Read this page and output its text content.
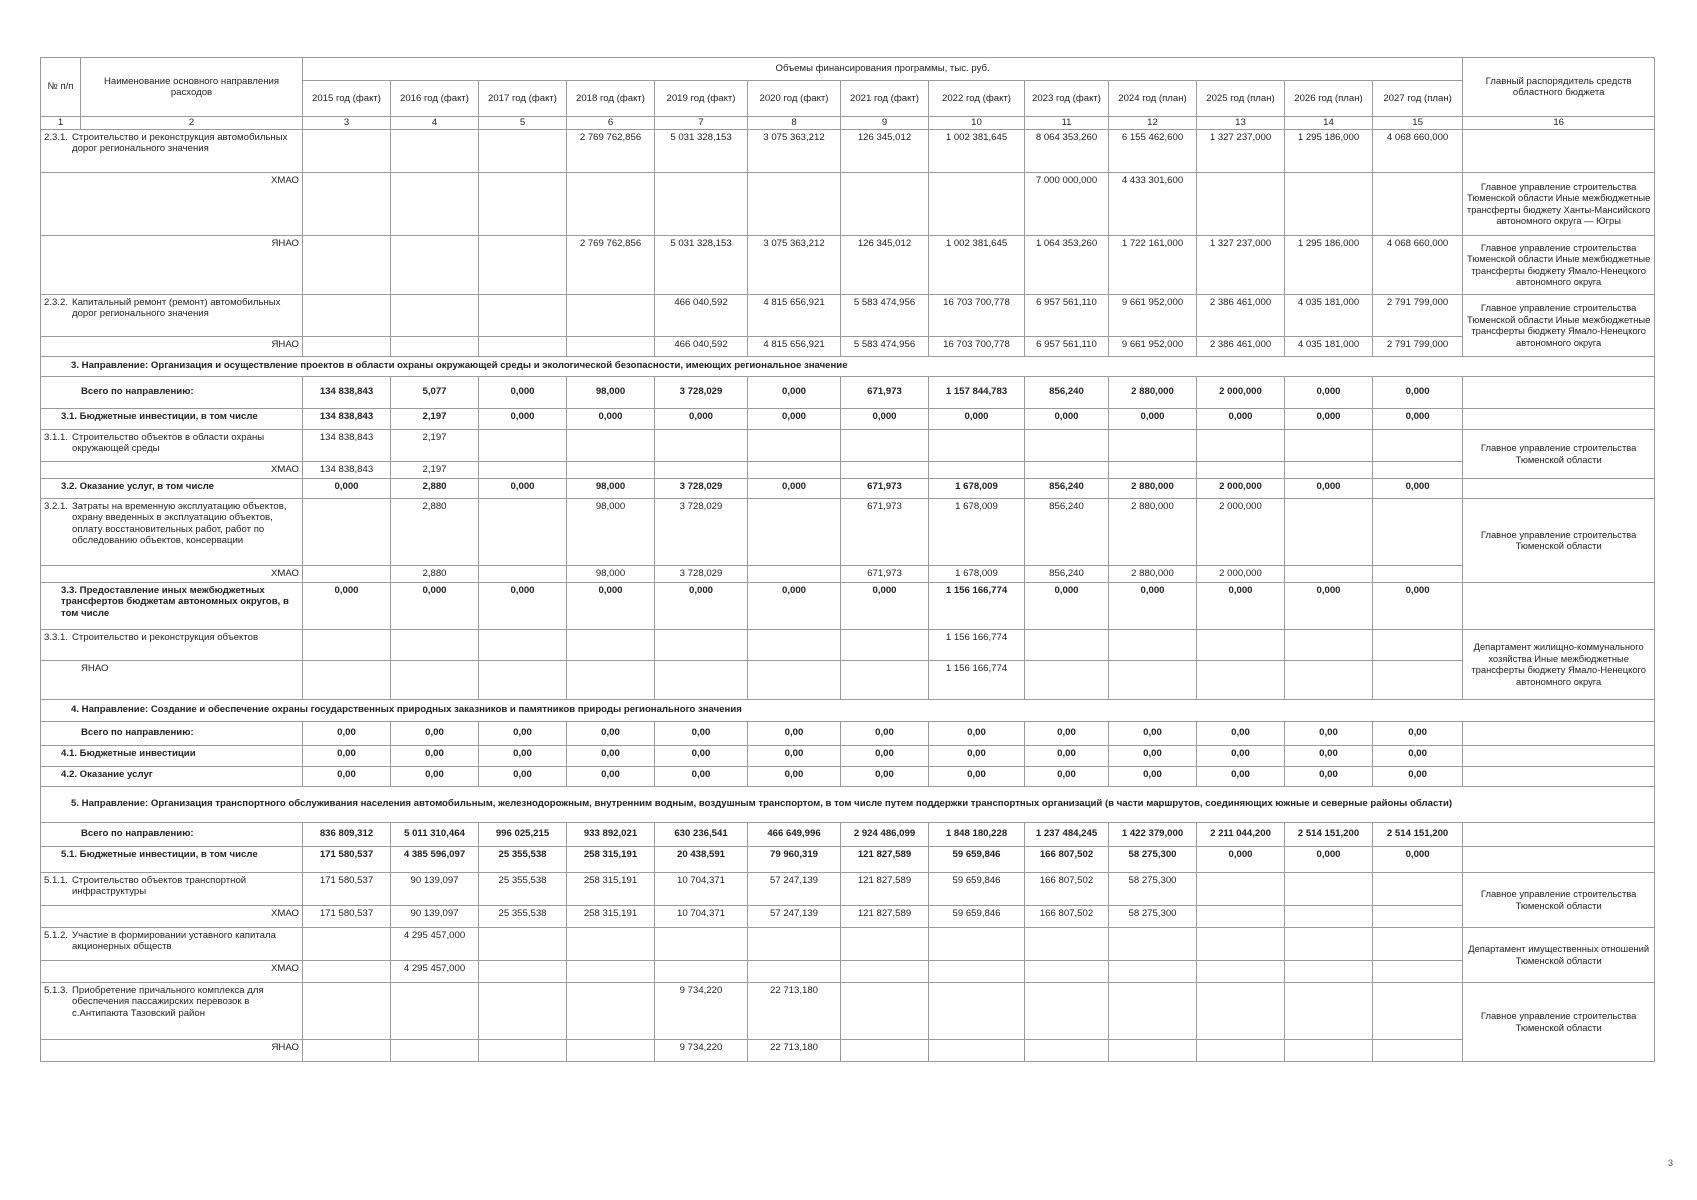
№ п/п	Наименование основного направления расходов	Объемы финансирования программы, тыс. руб.													Главный распорядитель средств областного бюджета
		2015 год (факт)	2016 год (факт)	2017 год (факт)	2018 год (факт)	2019 год (факт)	2020 год (факт)	2021 год (факт)	2022 год (факт)	2023 год (факт)	2024 год (план)	2025 год (план)	2026 год (план)	2027 год (план)	
1	2	3	4	5	6	7	8	9	10	11	12	13	14	15	16

2.3.1. Строительство и реконструкция автомобильных дорог регионального значения					2 769 762,856	5 031 328,153	3 075 363,212	126 345,012	1 002 381,645	8 064 353,260	6 155 462,600	1 327 237,000	1 295 186,000	4 068 660,000	
ХМАО										7 000 000,000	4 433 301,600				Главное управление строительства Тюменской области Иные межбюджетные трансферты бюджету Ханты-Мансийского автономного округа — Югры
ЯНАО					2 769 762,856	5 031 328,153	3 075 363,212	126 345,012	1 002 381,645	1 064 353,260	1 722 161,000	1 327 237,000	1 295 186,000	4 068 660,000	Главное управление строительства Тюменской области Иные межбюджетные трансферты бюджету Ямало-Ненецкого автономного округа

2.3.2. Капитальный ремонт (ремонт) автомобильных дорог регионального значения						466 040,592	4 815 656,921	5 583 474,956	16 703 700,778	6 957 561,110	9 661 952,000	2 386 461,000	4 035 181,000	2 791 799,000	Главное управление строительства Тюменской области Иные межбюджетные трансферты бюджету Ямало-Ненецкого автономного округа
ЯНАО						466 040,592	4 815 656,921	5 583 474,956	16 703 700,778	6 957 561,110	9 661 952,000	2 386 461,000	4 035 181,000	2 791 799,000	
3. Направление: Организация и осуществление проектов в области охраны окружающей среды и экологической безопасности, имеющих региональное значение															
Всего по направлению:		134 838,843	5,077	0,000	98,000	3 728,029	0,000	671,973	1 157 844,783	856,240	2 880,000	2 000,000	0,000	0,000	
3.1. Бюджетные инвестиции, в том числе		134 838,843	2,197	0,000	0,000	0,000	0,000	0,000	0,000	0,000	0,000	0,000	0,000	0,000	

3.1.1. Строительство объектов в области охраны окружающей среды		134 838,843	2,197												Главное управление строительства Тюменской области
ХМАО		134 838,843	2,197												
3.2. Оказание услуг, в том числе		0,000	2,880	0,000	98,000	3 728,029	0,000	671,973	1 678,009	856,240	2 880,000	2 000,000	0,000	0,000	

3.2.1. Затраты на временную эксплуатацию объектов, охрану введенных в эксплуатацию объектов, оплату восстановительных работ, работ по обследованию объектов, консервации			2,880		98,000	3 728,029		671,973	1 678,009	856,240	2 880,000	2 000,000			Главное управление строительства Тюменской области
ХМАО			2,880		98,000	3 728,029		671,973	1 678,009	856,240	2 880,000	2 000,000			
3.3. Предоставление иных межбюджетных трансфертов бюджетам автономных округов, в том числе		0,000	0,000	0,000	0,000	0,000	0,000	0,000	1 156 166,774	0,000	0,000	0,000	0,000	0,000	

3.3.1. Строительство и реконструкция объектов									1 156 166,774						Департамент жилищно-коммунального хозяйства Иные межбюджетные трансферты бюджету Ямало-Ненецкого автономного округа
ЯНАО									1 156 166,774						
4. Направление: Создание и обеспечение охраны государственных природных заказников и памятников природы регионального значения															
Всего по направлению:		0,00	0,00	0,00	0,00	0,00	0,00	0,00	0,00	0,00	0,00	0,00	0,00	0,00	
4.1. Бюджетные инвестиции		0,00	0,00	0,00	0,00	0,00	0,00	0,00	0,00	0,00	0,00	0,00	0,00	0,00	
4.2. Оказание услуг		0,00	0,00	0,00	0,00	0,00	0,00	0,00	0,00	0,00	0,00	0,00	0,00	0,00	
5. Направление: Организация транспортного обслуживания населения автомобильным, железнодорожным, внутренним водным, воздушным транспортом, в том числе путем поддержки транспортных организаций (в части маршрутов, соединяющих южные и северные районы области)															
Всего по направлению:		836 809,312	5 011 310,464	996 025,215	933 892,021	630 236,541	466 649,996	2 924 486,099	1 848 180,228	1 237 484,245	1 422 379,000	2 211 044,200	2 514 151,200	2 514 151,200	
5.1. Бюджетные инвестиции, в том числе		171 580,537	4 385 596,097	25 355,538	258 315,191	20 438,591	79 960,319	121 827,589	59 659,846	166 807,502	58 275,300	0,000	0,000	0,000	

5.1.1. Строительство объектов транспортной инфраструктуры		171 580,537	90 139,097	25 355,538	258 315,191	10 704,371	57 247,139	121 827,589	59 659,846	166 807,502	58 275,300				Главное управление строительства Тюменской области
ХМАО		171 580,537	90 139,097	25 355,538	258 315,191	10 704,371	57 247,139	121 827,589	59 659,846	166 807,502	58 275,300				

5.1.2. Участие в формировании уставного капитала акционерных обществ			4 295 457,000												Департамент имущественных отношений Тюменской области
ХМАО			4 295 457,000												

5.1.3. Приобретение причального комплекса для обеспечения пассажирских перевозок в с.Антипаюта Тазовский район						9 734,220	22 713,180								Главное управление строительства Тюменской области
ЯНАО						9 734,220	22 713,180								
3
